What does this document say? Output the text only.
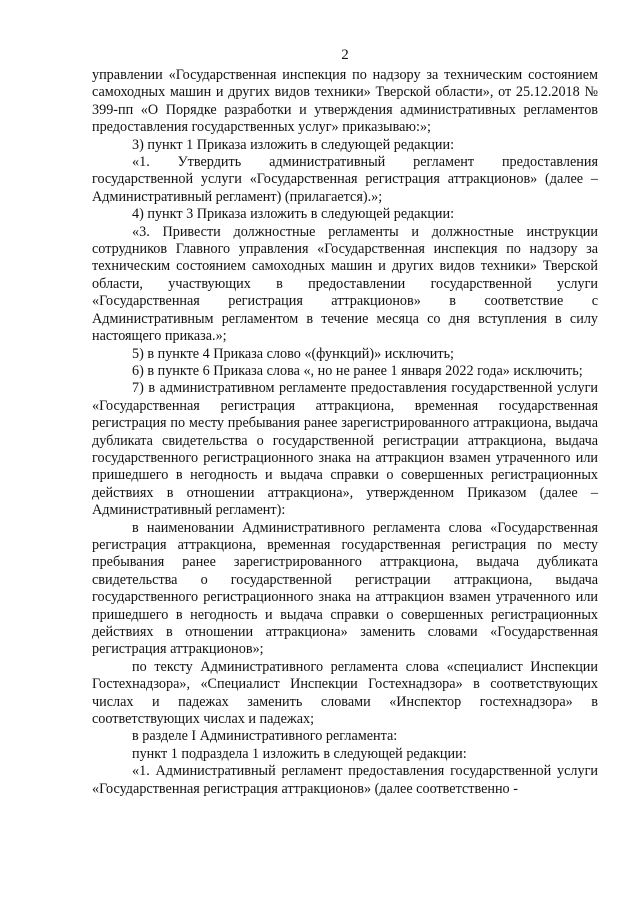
2

управлении «Государственная инспекция по надзору за техническим состоянием самоходных машин и других видов техники» Тверской области», от 25.12.2018 № 399-пп «О Порядке разработки и утверждения административных регламентов предоставления государственных услуг» приказываю:»;

3) пункт 1 Приказа изложить в следующей редакции:

«1. Утвердить административный регламент предоставления государственной услуги «Государственная регистрация аттракционов» (далее – Административный регламент) (прилагается).»;

4) пункт 3 Приказа изложить в следующей редакции:

«3. Привести должностные регламенты и должностные инструкции сотрудников Главного управления «Государственная инспекция по надзору за техническим состоянием самоходных машин и других видов техники» Тверской области, участвующих в предоставлении государственной услуги «Государственная регистрация аттракционов» в соответствие с Административным регламентом в течение месяца со дня вступления в силу настоящего приказа.»;

5) в пункте 4 Приказа слово «(функций)» исключить;

6) в пункте 6 Приказа слова «, но не ранее 1 января 2022 года» исключить;

7) в административном регламенте предоставления государственной услуги «Государственная регистрация аттракциона, временная государственная регистрация по месту пребывания ранее зарегистрированного аттракциона, выдача дубликата свидетельства о государственной регистрации аттракциона, выдача государственного регистрационного знака на аттракцион взамен утраченного или пришедшего в негодность и выдача справки о совершенных регистрационных действиях в отношении аттракциона», утвержденном Приказом (далее – Административный регламент):

в наименовании Административного регламента слова «Государственная регистрация аттракциона, временная государственная регистрация по месту пребывания ранее зарегистрированного аттракциона, выдача дубликата свидетельства о государственной регистрации аттракциона, выдача государственного регистрационного знака на аттракцион взамен утраченного или пришедшего в негодность и выдача справки о совершенных регистрационных действиях в отношении аттракциона» заменить словами «Государственная регистрация аттракционов»;

по тексту Административного регламента слова «специалист Инспекции Гостехнадзора», «Специалист Инспекции Гостехнадзора» в соответствующих числах и падежах заменить словами «Инспектор гостехнадзора» в соответствующих числах и падежах;

в разделе I Административного регламента:

пункт 1 подраздела 1 изложить в следующей редакции:

«1. Административный регламент предоставления государственной услуги «Государственная регистрация аттракционов» (далее соответственно -
